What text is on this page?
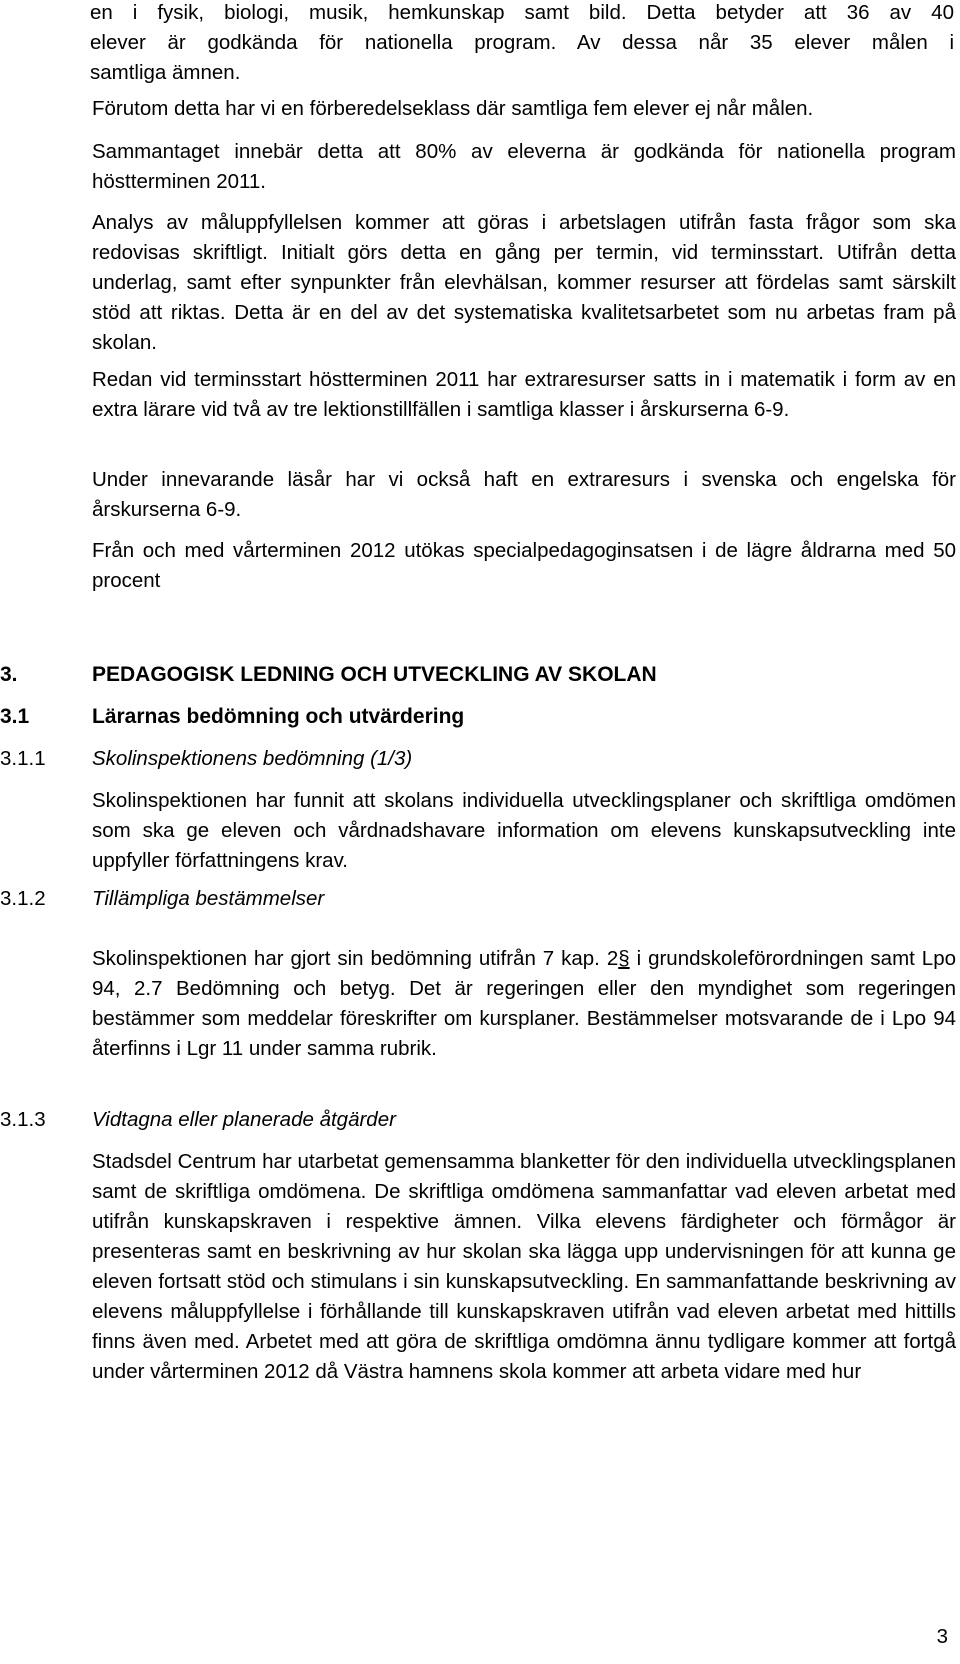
en i fysik, biologi, musik, hemkunskap samt bild. Detta betyder att 36 av 40
elever är godkända för nationella program. Av dessa når 35 elever målen i
samtliga ämnen.

Förutom detta har vi en förberedelseklass där samtliga fem elever ej når målen.

Sammantaget innebär detta att 80% av eleverna är godkända för nationella program höstterminen 2011.

Analys av måluppfyllelsen kommer att göras i arbetslagen utifrån fasta frågor som ska redovisas skriftligt. Initialt görs detta en gång per termin, vid terminsstart. Utifrån detta underlag, samt efter synpunkter från elevhälsan, kommer resurser att fördelas samt särskilt stöd att riktas. Detta är en del av det systematiska kvalitetsarbetet som nu arbetas fram på skolan.

Redan vid terminsstart höstterminen 2011 har extraresurser satts in i matematik i form av en extra lärare vid två av tre lektionstillfällen i samtliga klasser i årskurserna 6-9.

Under innevarande läsår har vi också haft en extraresurs i svenska och engelska för årskurserna 6-9.

Från och med vårterminen 2012 utökas specialpedagoginsatsen i de lägre åldrarna med 50 procent

3.	PEDAGOGISK LEDNING OCH UTVECKLING AV SKOLAN
3.1	Lärarnas bedömning och utvärdering
3.1.1 Skolinspektionens bedömning (1/3)

Skolinspektionen har funnit att skolans individuella utvecklingsplaner och skriftliga omdömen som ska ge eleven och vårdnadshavare information om elevens kunskapsutveckling inte uppfyller författningens krav.

3.1.2 Tillämpliga bestämmelser

Skolinspektionen har gjort sin bedömning utifrån 7 kap. 2§ i grundskoleförordningen samt Lpo 94, 2.7 Bedömning och betyg. Det är regeringen eller den myndighet som regeringen bestämmer som meddelar föreskrifter om kursplaner. Bestämmelser motsvarande de i Lpo 94 återfinns i Lgr 11 under samma rubrik.

3.1.3 Vidtagna eller planerade åtgärder

Stadsdel Centrum har utarbetat gemensamma blanketter för den individuella utvecklingsplanen samt de skriftliga omdömena. De skriftliga omdömena sammanfattar vad eleven arbetat med utifrån kunskapskraven i respektive ämnen. Vilka elevens färdigheter och förmågor är presenteras samt en beskrivning av hur skolan ska lägga upp undervisningen för att kunna ge eleven fortsatt stöd och stimulans i sin kunskapsutveckling. En sammanfattande beskrivning av elevens måluppfyllelse i förhållande till kunskapskraven utifrån vad eleven arbetat med hittills finns även med. Arbetet med att göra de skriftliga omdömna ännu tydligare kommer att fortgå under vårterminen 2012 då Västra hamnens skola kommer att arbeta vidare med hur

3
